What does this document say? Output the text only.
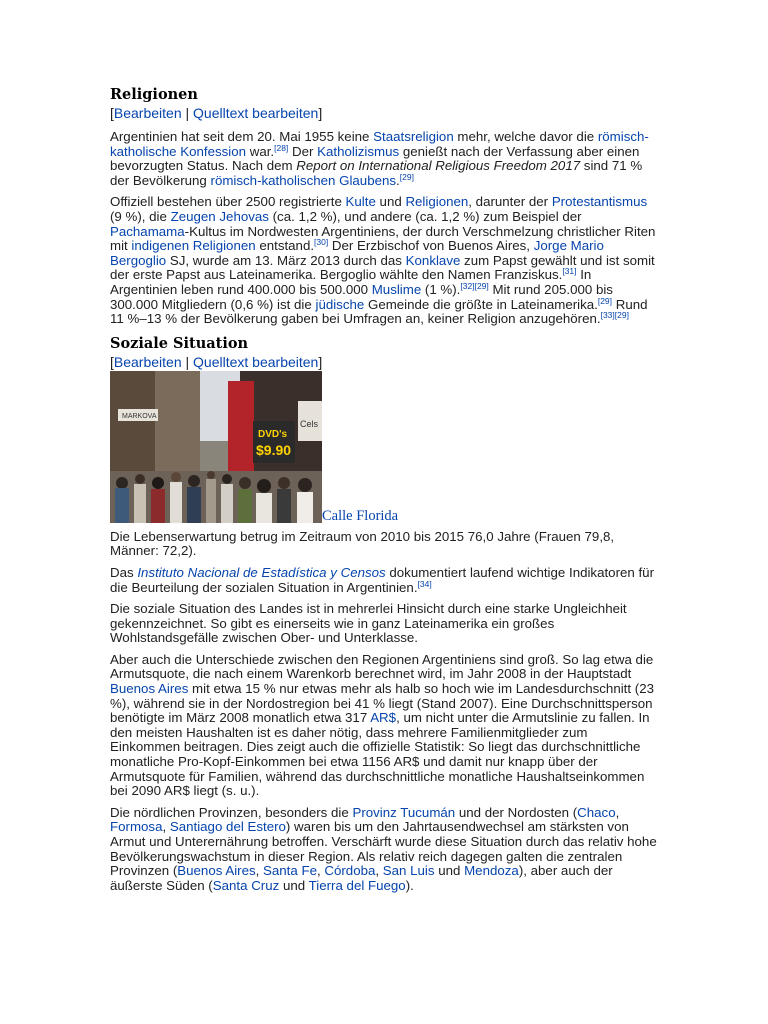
Religionen
[Bearbeiten | Quelltext bearbeiten]

Argentinien hat seit dem 20. Mai 1955 keine Staatsreligion mehr, welche davor die römisch-katholische Konfession war.[28] Der Katholizismus genießt nach der Verfassung aber einen bevorzugten Status. Nach dem Report on International Religious Freedom 2017 sind 71 % der Bevölkerung römisch-katholischen Glaubens.[29]

Offiziell bestehen über 2500 registrierte Kulte und Religionen, darunter der Protestantismus (9 %), die Zeugen Jehovas (ca. 1,2 %), und andere (ca. 1,2 %) zum Beispiel der Pachamama-Kultus im Nordwesten Argentiniens, der durch Verschmelzung christlicher Riten mit indigenen Religionen entstand.[30] Der Erzbischof von Buenos Aires, Jorge Mario Bergoglio SJ, wurde am 13. März 2013 durch das Konklave zum Papst gewählt und ist somit der erste Papst aus Lateinamerika. Bergoglio wählte den Namen Franziskus.[31] In Argentinien leben rund 400.000 bis 500.000 Muslime (1 %).[32][29] Mit rund 205.000 bis 300.000 Mitgliedern (0,6 %) ist die jüdische Gemeinde die größte in Lateinamerika.[29] Rund 11 %–13 % der Bevölkerung gaben bei Umfragen an, keiner Religion anzugehören.[33][29]

Soziale Situation
[Bearbeiten | Quelltext bearbeiten]
MARKOVA
DVD's
$9.90
Cels
Calle Florida

Die Lebenserwartung betrug im Zeitraum von 2010 bis 2015 76,0 Jahre (Frauen 79,8, Männer: 72,2).

Das Instituto Nacional de Estadística y Censos dokumentiert laufend wichtige Indikatoren für die Beurteilung der sozialen Situation in Argentinien.[34]

Die soziale Situation des Landes ist in mehrerlei Hinsicht durch eine starke Ungleichheit gekennzeichnet. So gibt es einerseits wie in ganz Lateinamerika ein großes Wohlstandsgefälle zwischen Ober- und Unterklasse.

Aber auch die Unterschiede zwischen den Regionen Argentiniens sind groß. So lag etwa die Armutsquote, die nach einem Warenkorb berechnet wird, im Jahr 2008 in der Hauptstadt Buenos Aires mit etwa 15 % nur etwas mehr als halb so hoch wie im Landesdurchschnitt (23 %), während sie in der Nordostregion bei 41 % liegt (Stand 2007). Eine Durchschnittsperson benötigte im März 2008 monatlich etwa 317 AR$, um nicht unter die Armutslinie zu fallen. In den meisten Haushalten ist es daher nötig, dass mehrere Familienmitglieder zum Einkommen beitragen. Dies zeigt auch die offizielle Statistik: So liegt das durchschnittliche monatliche Pro-Kopf-Einkommen bei etwa 1156 AR$ und damit nur knapp über der Armutsquote für Familien, während das durchschnittliche monatliche Haushaltseinkommen bei 2090 AR$ liegt (s. u.).

Die nördlichen Provinzen, besonders die Provinz Tucumán und der Nordosten (Chaco, Formosa, Santiago del Estero) waren bis um den Jahrtausendwechsel am stärksten von Armut und Unterernährung betroffen. Verschärft wurde diese Situation durch das relativ hohe Bevölkerungswachstum in dieser Region. Als relativ reich dagegen galten die zentralen Provinzen (Buenos Aires, Santa Fe, Córdoba, San Luis und Mendoza), aber auch der äußerste Süden (Santa Cruz und Tierra del Fuego).
